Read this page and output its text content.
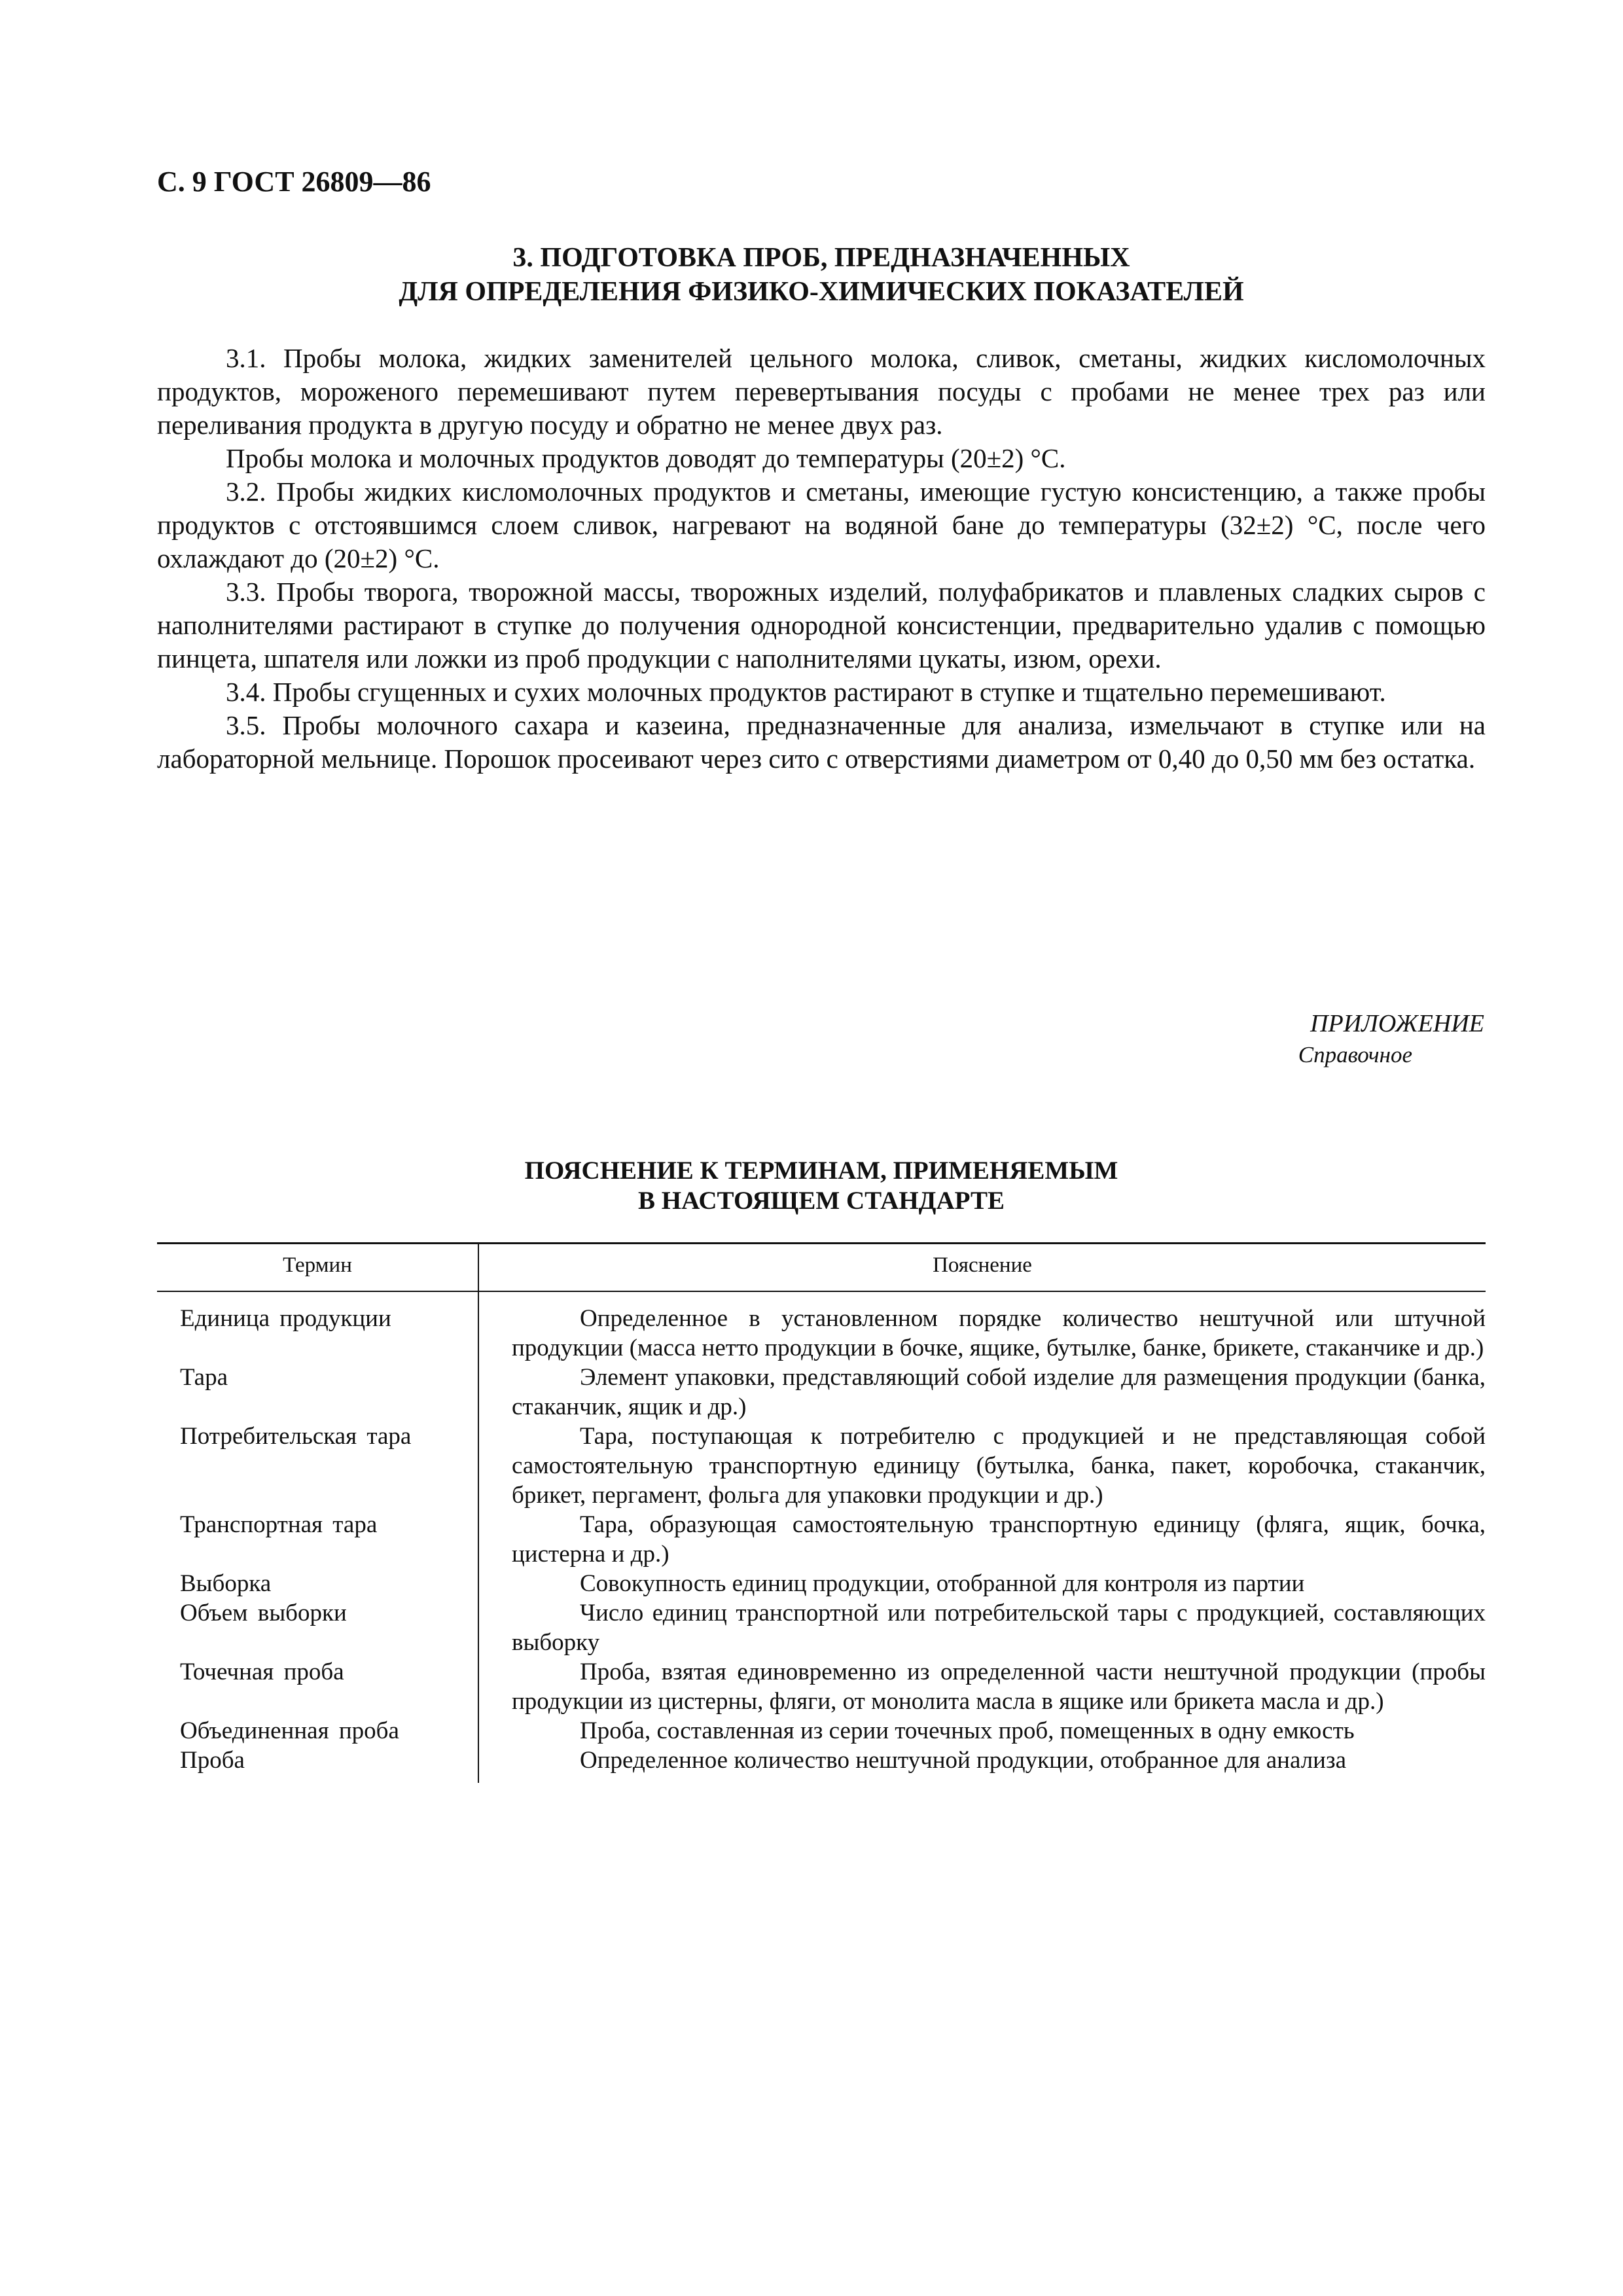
С. 9 ГОСТ 26809—86
3. ПОДГОТОВКА ПРОБ, ПРЕДНАЗНАЧЕННЫХ
ДЛЯ ОПРЕДЕЛЕНИЯ ФИЗИКО-ХИМИЧЕСКИХ ПОКАЗАТЕЛЕЙ

3.1. Пробы молока, жидких заменителей цельного молока, сливок, сметаны, жидких кисломолочных продуктов, мороженого перемешивают путем перевертывания посуды с пробами не менее трех раз или переливания продукта в другую посуду и обратно не менее двух раз.

Пробы молока и молочных продуктов доводят до температуры (20±2) °С.

3.2. Пробы жидких кисломолочных продуктов и сметаны, имеющие густую консистенцию, а также пробы продуктов с отстоявшимся слоем сливок, нагревают на водяной бане до температуры (32±2) °С, после чего охлаждают до (20±2) °С.

3.3. Пробы творога, творожной массы, творожных изделий, полуфабрикатов и плавленых сладких сыров с наполнителями растирают в ступке до получения однородной консистенции, предварительно удалив с помощью пинцета, шпателя или ложки из проб продукции с наполнителями цукаты, изюм, орехи.

3.4. Пробы сгущенных и сухих молочных продуктов растирают в ступке и тщательно перемешивают.

3.5. Пробы молочного сахара и казеина, предназначенные для анализа, измельчают в ступке или на лабораторной мельнице. Порошок просеивают через сито с отверстиями диаметром от 0,40 до 0,50 мм без остатка.

ПРИЛОЖЕНИЕ
Справочное
ПОЯСНЕНИЕ К ТЕРМИНАМ, ПРИМЕНЯЕМЫМ
В НАСТОЯЩЕМ СТАНДАРТЕ
Термин	Пояснение
Единица продукции	Определенное в установленном порядке количество нештучной или штучной продукции (масса нетто продукции в бочке, ящике, бутылке, банке, брикете, стаканчике и др.)
Тара	Элемент упаковки, представляющий собой изделие для размещения продукции (банка, стаканчик, ящик и др.)
Потребительская тара	Тара, поступающая к потребителю с продукцией и не представляющая собой самостоятельную транспортную единицу (бутылка, банка, пакет, коробочка, стаканчик, брикет, пергамент, фольга для упаковки продукции и др.)
Транспортная тара	Тара, образующая самостоятельную транспортную единицу (фляга, ящик, бочка, цистерна и др.)
Выборка	Совокупность единиц продукции, отобранной для контроля из партии
Объем выборки	Число единиц транспортной или потребительской тары с продукцией, составляющих выборку
Точечная проба	Проба, взятая единовременно из определенной части нештучной продукции (пробы продукции из цистерны, фляги, от монолита масла в ящике или брикета масла и др.)
Объединенная проба	Проба, составленная из серии точечных проб, помещенных в одну емкость
Проба	Определенное количество нештучной продукции, отобранное для анализа
